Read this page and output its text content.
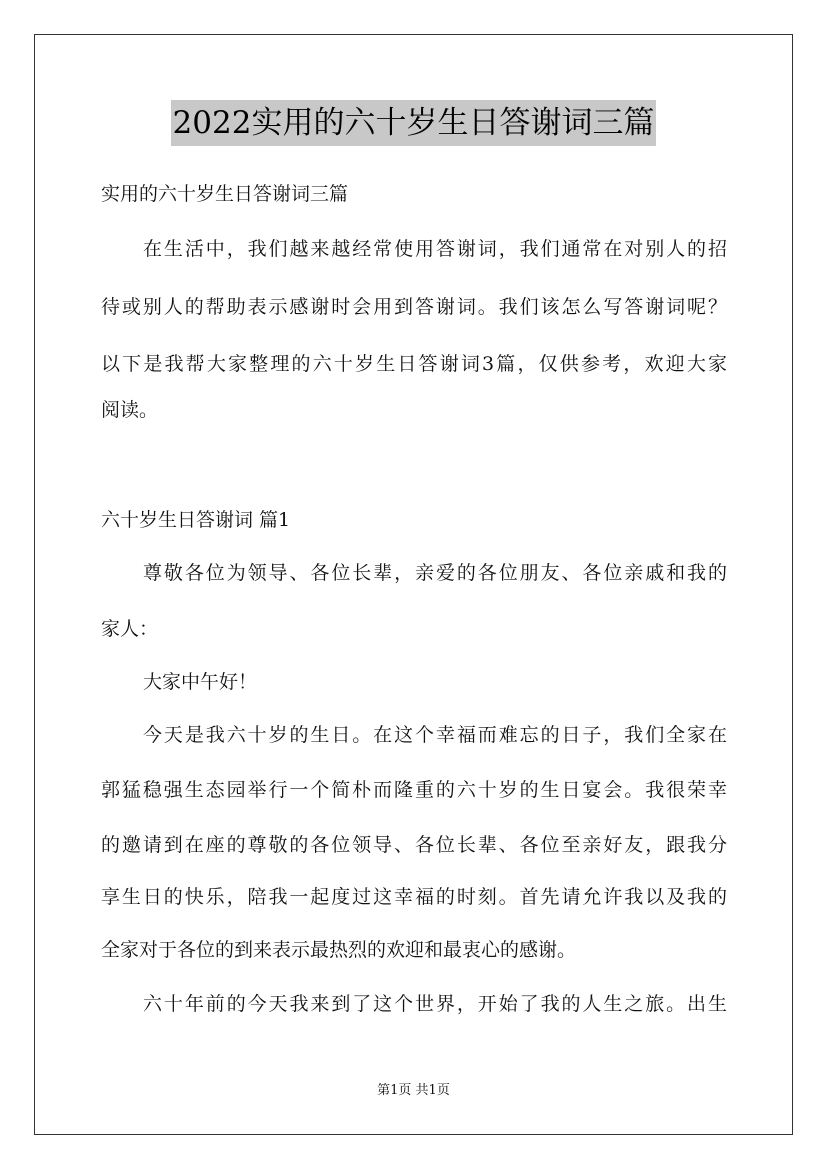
2022实用的六十岁生日答谢词三篇
实用的六十岁生日答谢词三篇
在生活中，我们越来越经常使用答谢词，我们通常在对别人的招
待或别人的帮助表示感谢时会用到答谢词。我们该怎么写答谢词呢？
以下是我帮大家整理的六十岁生日答谢词3篇，仅供参考，欢迎大家
阅读。
六十岁生日答谢词 篇1
尊敬各位为领导、各位长辈，亲爱的各位朋友、各位亲戚和我的
家人：
大家中午好！
今天是我六十岁的生日。在这个幸福而难忘的日子，我们全家在
郭猛稳强生态园举行一个简朴而隆重的六十岁的生日宴会。我很荣幸
的邀请到在座的尊敬的各位领导、各位长辈、各位至亲好友，跟我分
享生日的快乐，陪我一起度过这幸福的时刻。首先请允许我以及我的
全家对于各位的到来表示最热烈的欢迎和最衷心的感谢。
六十年前的今天我来到了这个世界，开始了我的人生之旅。出生
第1页 共1页
